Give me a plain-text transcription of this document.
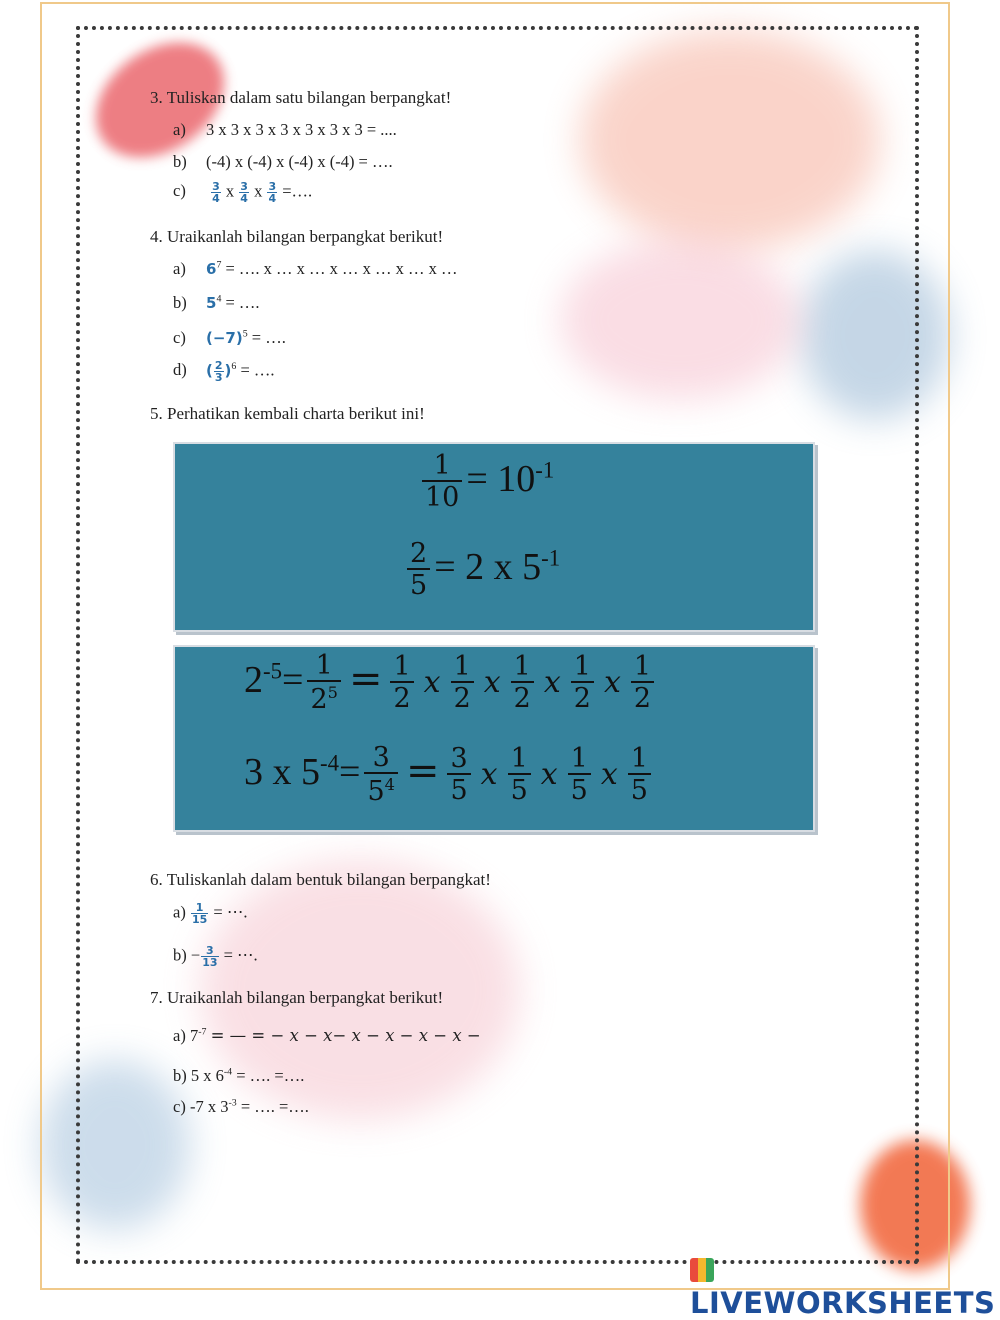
3. Tuliskan dalam satu bilangan berpangkat!
a) 3 x 3 x 3 x 3 x 3 x 3 x 3 = ....
b) (-4) x (-4) x (-4) x (-4) = ….
$c) \frac{3}{4}$ x $\frac{3}{4}$ x $\frac{3}{4}$ =….
4. Uraikanlah bilangan berpangkat berikut!
a) $6^7$ = …. x … x … x … x … x … x …
b) $5^4$ = ….
c) $(-7)^5$ = ….
d) ( $\frac{2}{3} )^6$ = ….
5. Perhatikan kembali charta berikut ini!
$\frac{1}{10} = 10^{-1}$
$\frac{2}{5} = 2$ x $5^{-1}$
$2^{-5}= \frac{1}{2^5} = \frac{1}{2}$ x $\frac{1}{2}$ x $\frac{1}{2}$ x $\frac{1}{2}$ x $\frac{1}{2}$
3 x $5^{-4}= \frac{3}{5^4} = \frac{3}{5}$ x $\frac{1}{5}$ x $\frac{1}{5}$ x $\frac{1}{5}$
6. Tuliskanlah dalam bentuk bilangan berpangkat!
$a) \frac{1}{15}$ = ⋯.
$b) - \frac{3}{13}$ = ⋯.
7. Uraikanlah bilangan berpangkat berikut!
a) $7^{-7}$ = — = − x − x− x − x − x − x −
b) 5 x $6^{-4}$ = …. =….
c) -7 x $3^{-3}$ = …. =….
LIVEWORKSHEETS
